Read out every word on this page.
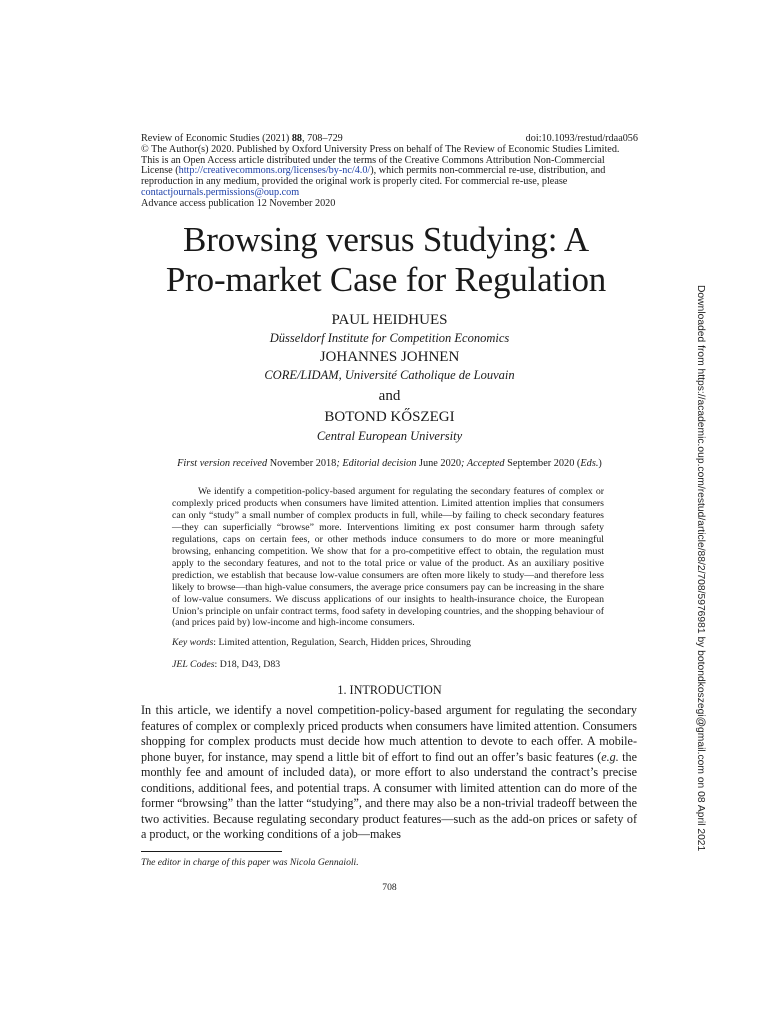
Review of Economic Studies (2021) 88, 708–729	doi:10.1093/restud/rdaa056
© The Author(s) 2020. Published by Oxford University Press on behalf of The Review of Economic Studies Limited.
This is an Open Access article distributed under the terms of the Creative Commons Attribution Non-Commercial
License (http://creativecommons.org/licenses/by-nc/4.0/), which permits non-commercial re-use, distribution, and
reproduction in any medium, provided the original work is properly cited. For commercial re-use, please
contactjournals.permissions@oup.com
Advance access publication 12 November 2020
Browsing versus Studying: A
Pro-market Case for Regulation
PAUL HEIDHUES
Düsseldorf Institute for Competition Economics
JOHANNES JOHNEN
CORE/LIDAM, Université Catholique de Louvain
and
BOTOND KŐSZEGI
Central European University
First version received November 2018; Editorial decision June 2020; Accepted September 2020 (Eds.)

We identify a competition-policy-based argument for regulating the secondary features of complex or complexly priced products when consumers have limited attention. Limited attention implies that consumers can only “study” a small number of complex products in full, while—by failing to check secondary features—they can superficially “browse” more. Interventions limiting ex post consumer harm through safety regulations, caps on certain fees, or other methods induce consumers to do more or more meaningful browsing, enhancing competition. We show that for a pro-competitive effect to obtain, the regulation must apply to the secondary features, and not to the total price or value of the product. As an auxiliary positive prediction, we establish that because low-value consumers are often more likely to study—and therefore less likely to browse—than high-value consumers, the average price consumers pay can be increasing in the share of low-value consumers. We discuss applications of our insights to health-insurance choice, the European Union’s principle on unfair contract terms, food safety in developing countries, and the shopping behaviour of (and prices paid by) low-income and high-income consumers.

Key words: Limited attention, Regulation, Search, Hidden prices, Shrouding
JEL Codes: D18, D43, D83
1. INTRODUCTION

In this article, we identify a novel competition-policy-based argument for regulating the secondary features of complex or complexly priced products when consumers have limited attention. Consumers shopping for complex products must decide how much attention to devote to each offer. A mobile-phone buyer, for instance, may spend a little bit of effort to find out an offer’s basic features (e.g. the monthly fee and amount of included data), or more effort to also understand the contract’s precise conditions, additional fees, and potential traps. A consumer with limited attention can do more of the former “browsing” than the latter “studying”, and there may also be a non-trivial tradeoff between the two activities. Because regulating secondary product features—such as the add-on prices or safety of a product, or the working conditions of a job—makes

The editor in charge of this paper was Nicola Gennaioli.
708
Downloaded from https://academic.oup.com/restud/article/88/2/708/5976981 by botondkoszegi@gmail.com on 08 April 2021
